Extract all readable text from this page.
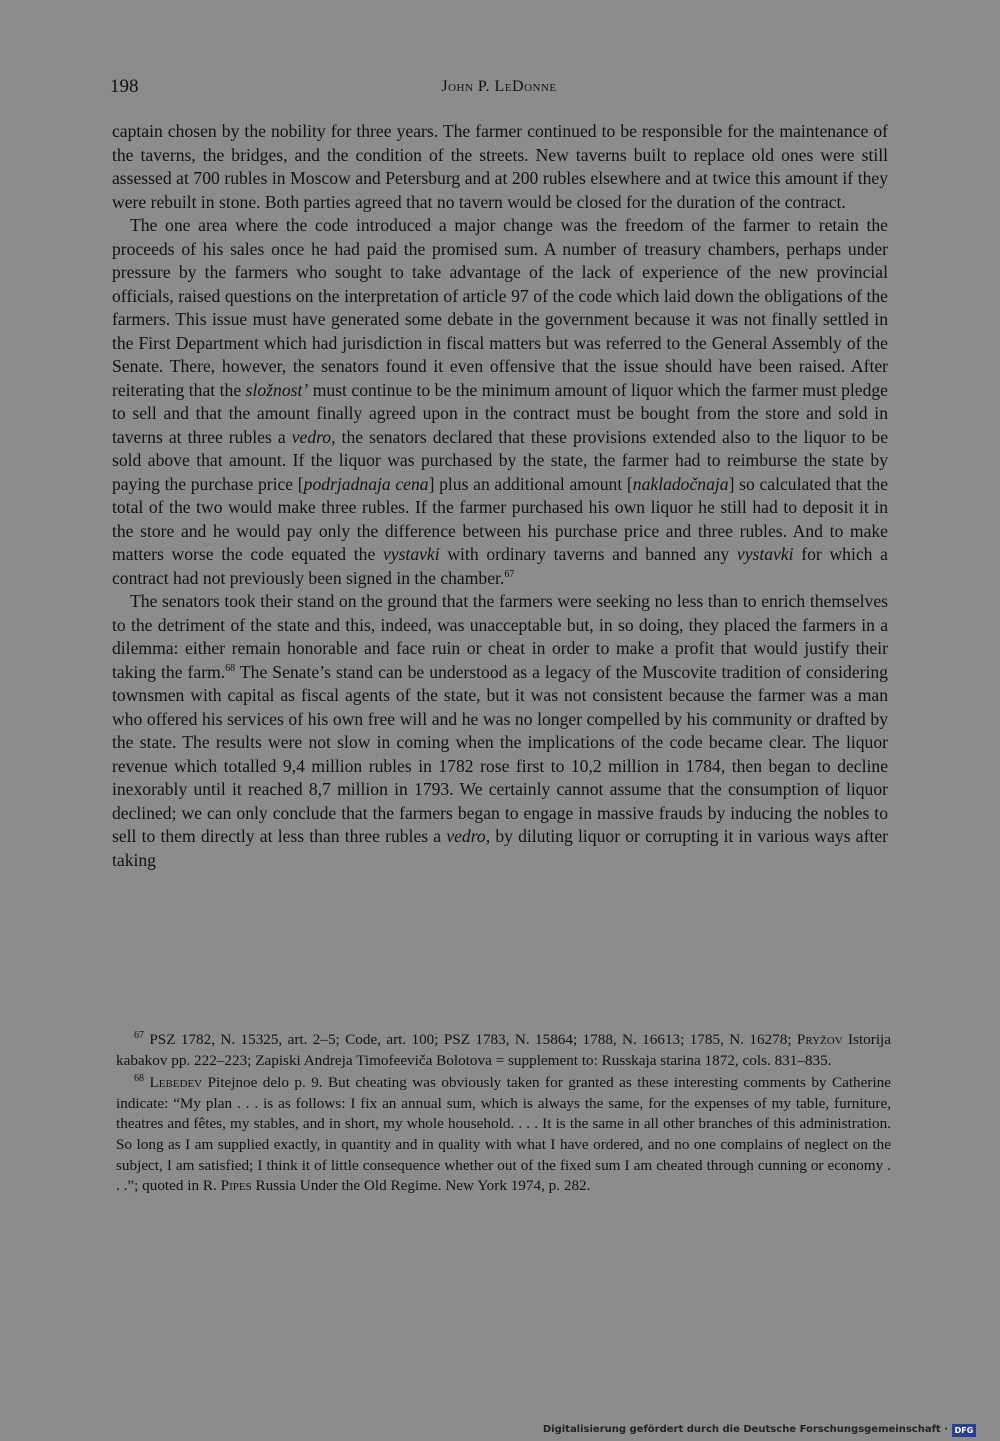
198	John P. LeDonne

captain chosen by the nobility for three years. The farmer continued to be responsible for the maintenance of the taverns, the bridges, and the condition of the streets. New taverns built to replace old ones were still assessed at 700 rubles in Moscow and Petersburg and at 200 rubles elsewhere and at twice this amount if they were rebuilt in stone. Both parties agreed that no tavern would be closed for the duration of the contract.

The one area where the code introduced a major change was the freedom of the farmer to retain the proceeds of his sales once he had paid the promised sum. A number of treasury chambers, perhaps under pressure by the farmers who sought to take advantage of the lack of experience of the new provincial officials, raised questions on the interpretation of article 97 of the code which laid down the obligations of the farmers. This issue must have generated some debate in the government because it was not finally settled in the First Department which had jurisdiction in fiscal matters but was referred to the General Assembly of the Senate. There, however, the senators found it even offensive that the issue should have been raised. After reiterating that the složnost’ must continue to be the minimum amount of liquor which the farmer must pledge to sell and that the amount finally agreed upon in the contract must be bought from the store and sold in taverns at three rubles a vedro, the senators declared that these provisions extended also to the liquor to be sold above that amount. If the liquor was purchased by the state, the farmer had to reimburse the state by paying the purchase price [podrjadnaja cena] plus an additional amount [nakladočnaja] so calculated that the total of the two would make three rubles. If the farmer purchased his own liquor he still had to deposit it in the store and he would pay only the difference between his purchase price and three rubles. And to make matters worse the code equated the vystavki with ordinary taverns and banned any vystavki for which a contract had not previously been signed in the chamber.$^{67}$

The senators took their stand on the ground that the farmers were seeking no less than to enrich themselves to the detriment of the state and this, indeed, was unacceptable but, in so doing, they placed the farmers in a dilemma: either remain honorable and face ruin or cheat in order to make a profit that would justify their taking the farm.$^{68}$ The Senate’s stand can be understood as a legacy of the Muscovite tradition of considering townsmen with capital as fiscal agents of the state, but it was not consistent because the farmer was a man who offered his services of his own free will and he was no longer compelled by his community or drafted by the state. The results were not slow in coming when the implications of the code became clear. The liquor revenue which totalled 9,4 million rubles in 1782 rose first to 10,2 million in 1784, then began to decline inexorably until it reached 8,7 million in 1793. We certainly cannot assume that the consumption of liquor declined; we can only conclude that the farmers began to engage in massive frauds by inducing the nobles to sell to them directly at less than three rubles a vedro, by diluting liquor or corrupting it in various ways after taking

$^{67}$ PSZ 1782, N. 15325, art. 2–5; Code, art. 100; PSZ 1783, N. 15864; 1788, N. 16613; 1785, N. 16278; Pryžov Istorija kabakov pp. 222–223; Zapiski Andreja Timofeeviča Bolotova = supplement to: Russkaja starina 1872, cols. 831–835.

$^{68}$ Lebedev Pitejnoe delo p. 9. But cheating was obviously taken for granted as these interesting comments by Catherine indicate: “My plan . . . is as follows: I fix an annual sum, which is always the same, for the expenses of my table, furniture, theatres and fêtes, my stables, and in short, my whole household. . . . It is the same in all other branches of this administration. So long as I am supplied exactly, in quantity and in quality with what I have ordered, and no one complains of neglect on the subject, I am satisfied; I think it of little consequence whether out of the fixed sum I am cheated through cunning or economy . . .”; quoted in R. Pipes Russia Under the Old Regime. New York 1974, p. 282.

Digitalisierung gefördert durch die Deutsche Forschungsgemeinschaft · DFG
